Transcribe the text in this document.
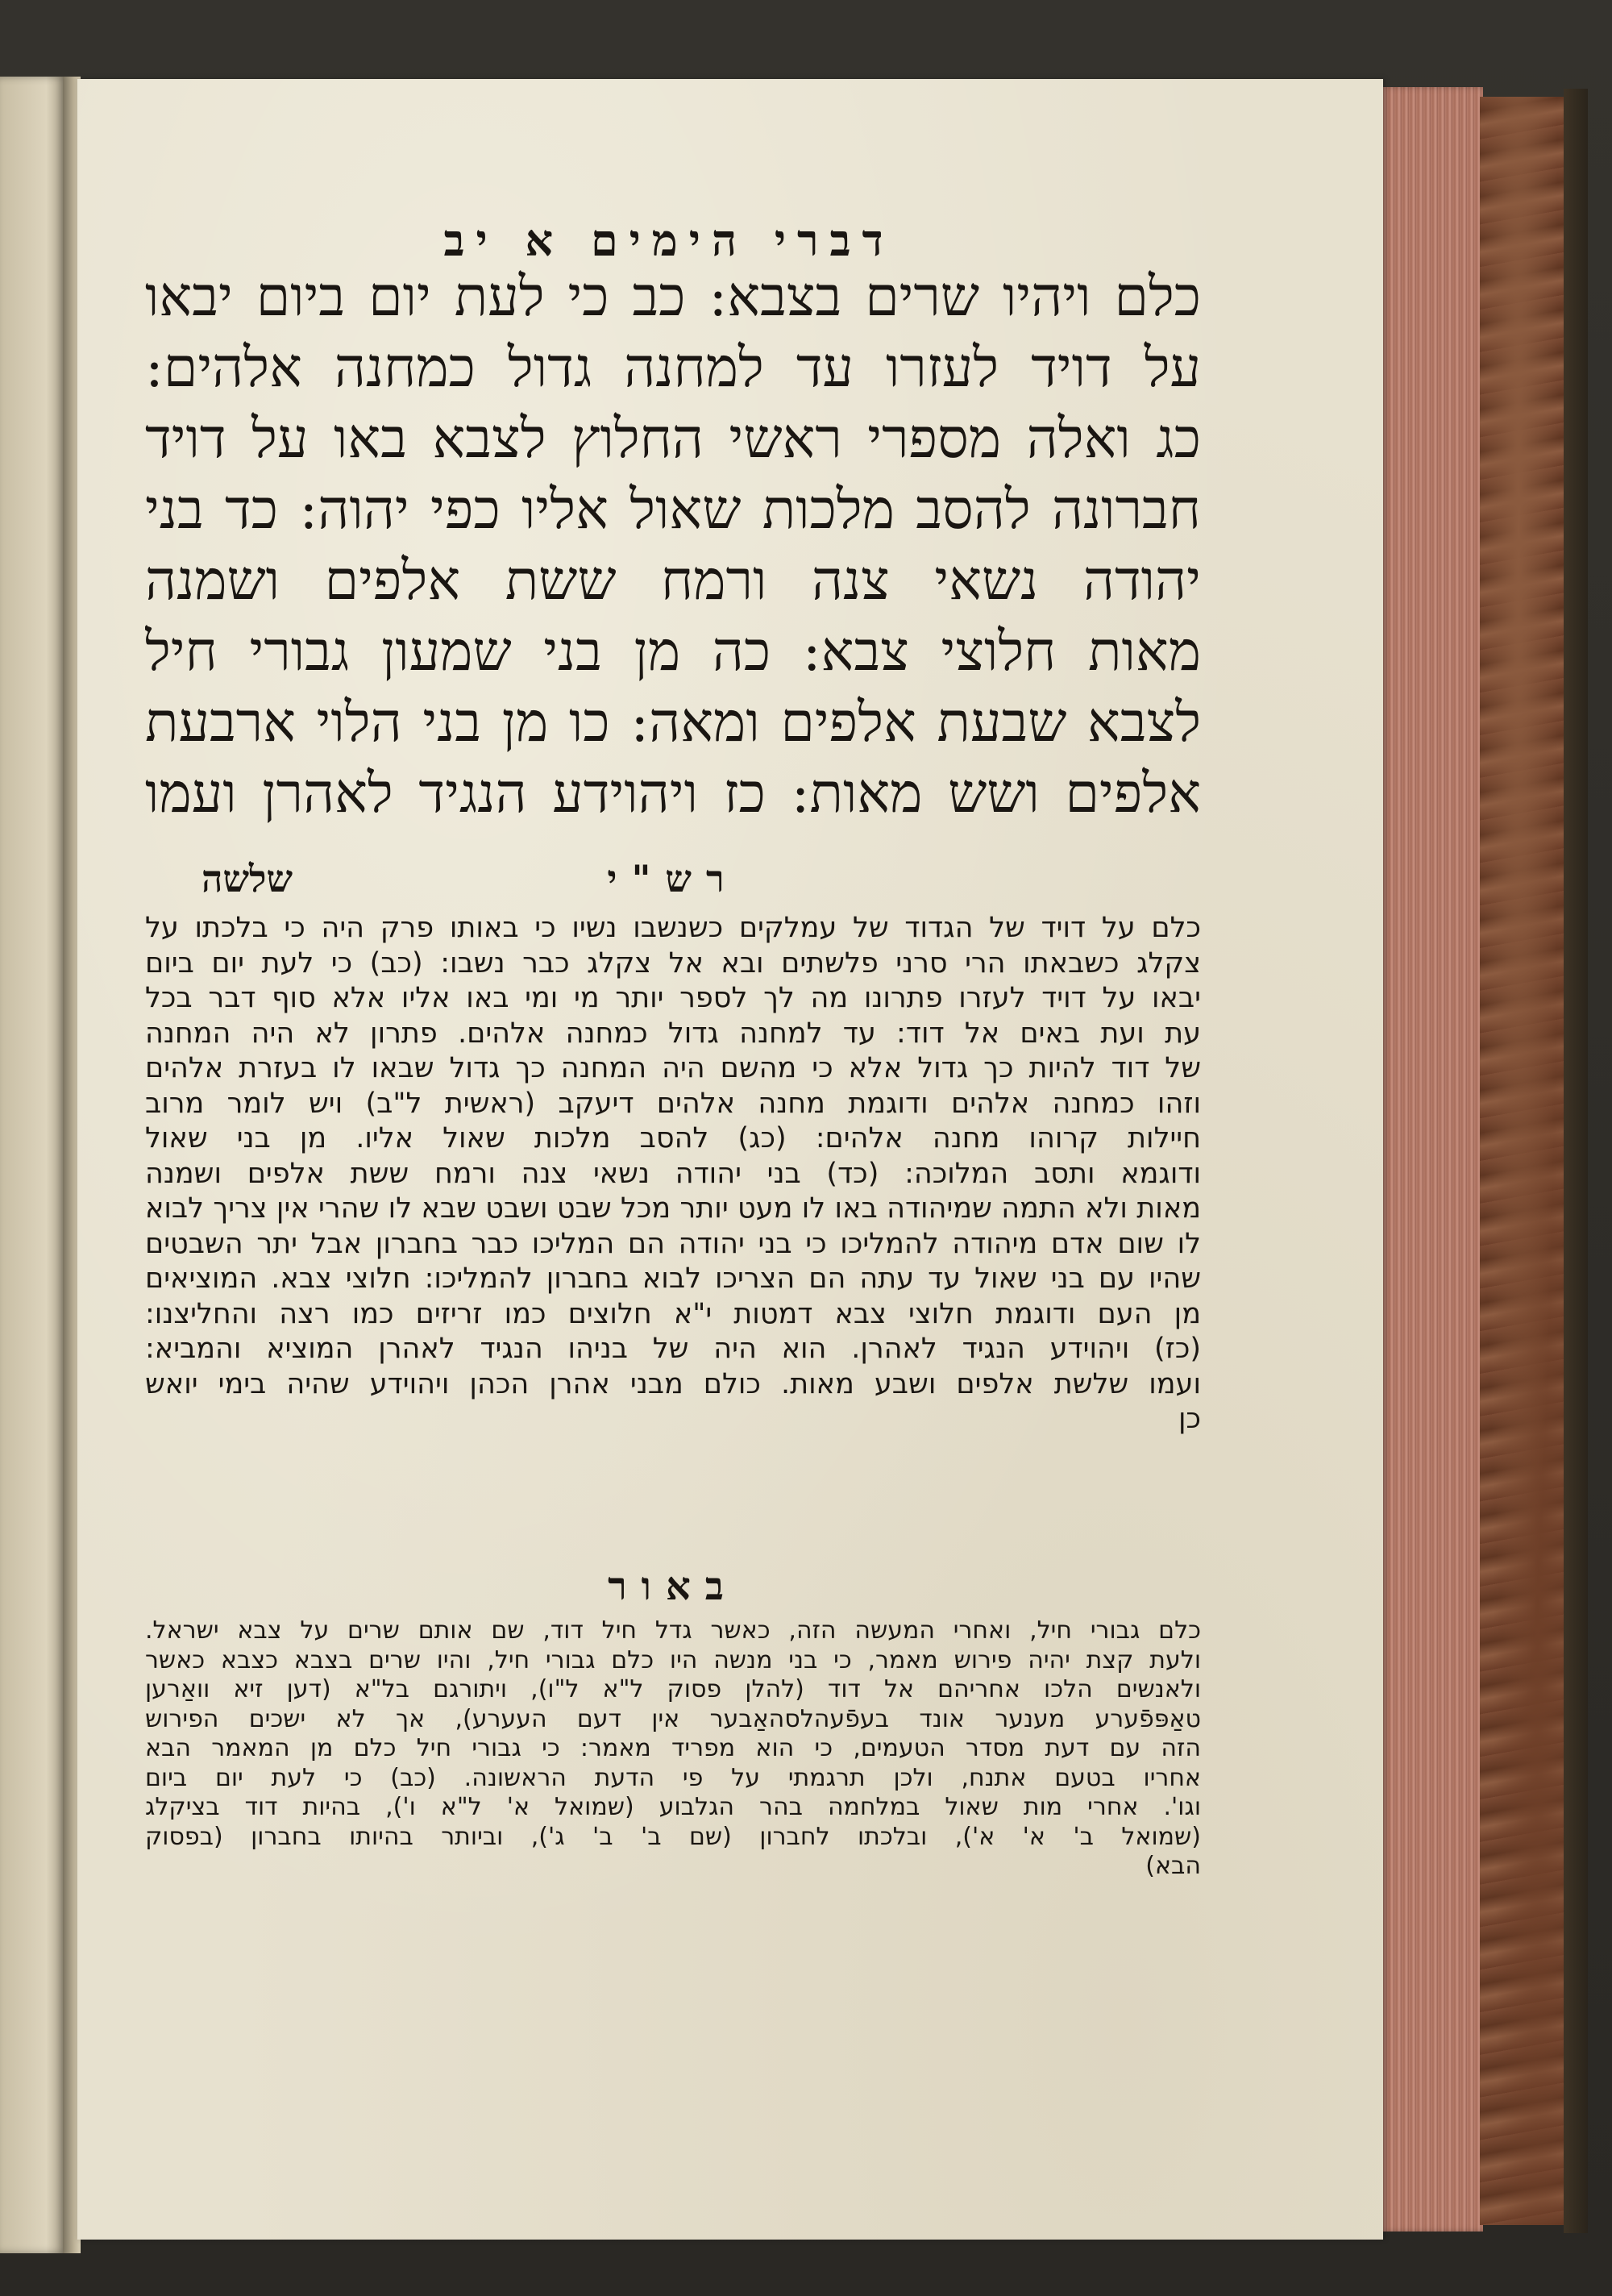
דברי הימים א יב
כלם ויהיו שרים בצבא: כב כי לעת יום ביום יבאו
על דויד לעזרו עד למחנה גדול כמחנה אלהים:
כג ואלה מספרי ראשי החלוץ לצבא באו על דויד
חברונה להסב מלכות שאול אליו כפי יהוה: כד בני
יהודה נשאי צנה ורמח ששת אלפים ושמנה
מאות חלוצי צבא: כה מן בני שמעון גבורי חיל
לצבא שבעת אלפים ומאה: כו מן בני הלוי ארבעת
אלפים ושש מאות: כז ויהוידע הנגיד לאהרן ועמו
רש"י
שלשה
כלם על דויד של הגדוד של עמלקים כשנשבו נשיו כי באותו פרק היה כי בלכתו על
צקלג כשבאתו הרי סרני פלשתים ובא אל צקלג כבר נשבו: (כב) כי לעת יום ביום
יבאו על דויד לעזרו פתרונו מה לך לספר יותר מי ומי באו אליו אלא סוף דבר בכל
עת ועת באים אל דוד: עד למחנה גדול כמחנה אלהים. פתרון לא היה המחנה
של דוד להיות כך גדול אלא כי מהשם היה המחנה כך גדול שבאו לו בעזרת אלהים
וזהו כמחנה אלהים ודוגמת מחנה אלהים דיעקב (ראשית ל"ב) ויש לומר מרוב
חיילות קרוהו מחנה אלהים: (כג) להסב מלכות שאול אליו. מן בני שאול
ודוגמא ותסב המלוכה: (כד) בני יהודה נשאי צנה ורמח ששת אלפים ושמנה
מאות ולא התמה שמיהודה באו לו מעט יותר מכל שבט ושבט שבא לו שהרי אין צריך לבוא
לו שום אדם מיהודה להמליכו כי בני יהודה הם המליכו כבר בחברון אבל יתר השבטים
שהיו עם בני שאול עד עתה הם הצריכו לבוא בחברון להמליכו: חלוצי צבא. המוציאים
מן העם ודוגמת חלוצי צבא דמטות י"א חלוצים כמו זריזים כמו רצה והחליצנו:
(כז) ויהוידע הנגיד לאהרן. הוא היה של בניהו הנגיד לאהרן המוציא והמביא:
ועמו שלשת אלפים ושבע מאות. כולם מבני אהרן הכהן ויהוידע שהיה בימי יואש
כן
באור
כלם גבורי חיל, ואחרי המעשה הזה, כאשר גדל חיל דוד, שם אותם שרים על צבא ישראל.
ולעת קצת יהיה פירוש מאמר, כי בני מנשה היו כלם גבורי חיל, והיו שרים בצבא כצבא כאשר
ולאנשים הלכו אחריהם אל דוד (להלן פסוק ל"א ל"ו), ויתורגם בל"א (דען זיא וואַרען
טאַפּפֿערע מענער אונד בעפֿעהלסהאַבער אין דעם העערע), אך לא ישכים הפירוש
הזה עם דעת מסדר הטעמים, כי הוא מפריד מאמר: כי גבורי חיל כלם מן המאמר הבא
אחריו בטעם אתנח, ולכן תרגמתי על פי הדעת הראשונה. (כב) כי לעת יום ביום
וגו'. אחרי מות שאול במלחמה בהר הגלבוע (שמואל א' ל"א ו'), בהיות דוד בציקלג
(שמואל ב' א' א'), ובלכתו לחברון (שם ב' ב' ג'), וביותר בהיותו בחברון (בפסוק
הבא)
